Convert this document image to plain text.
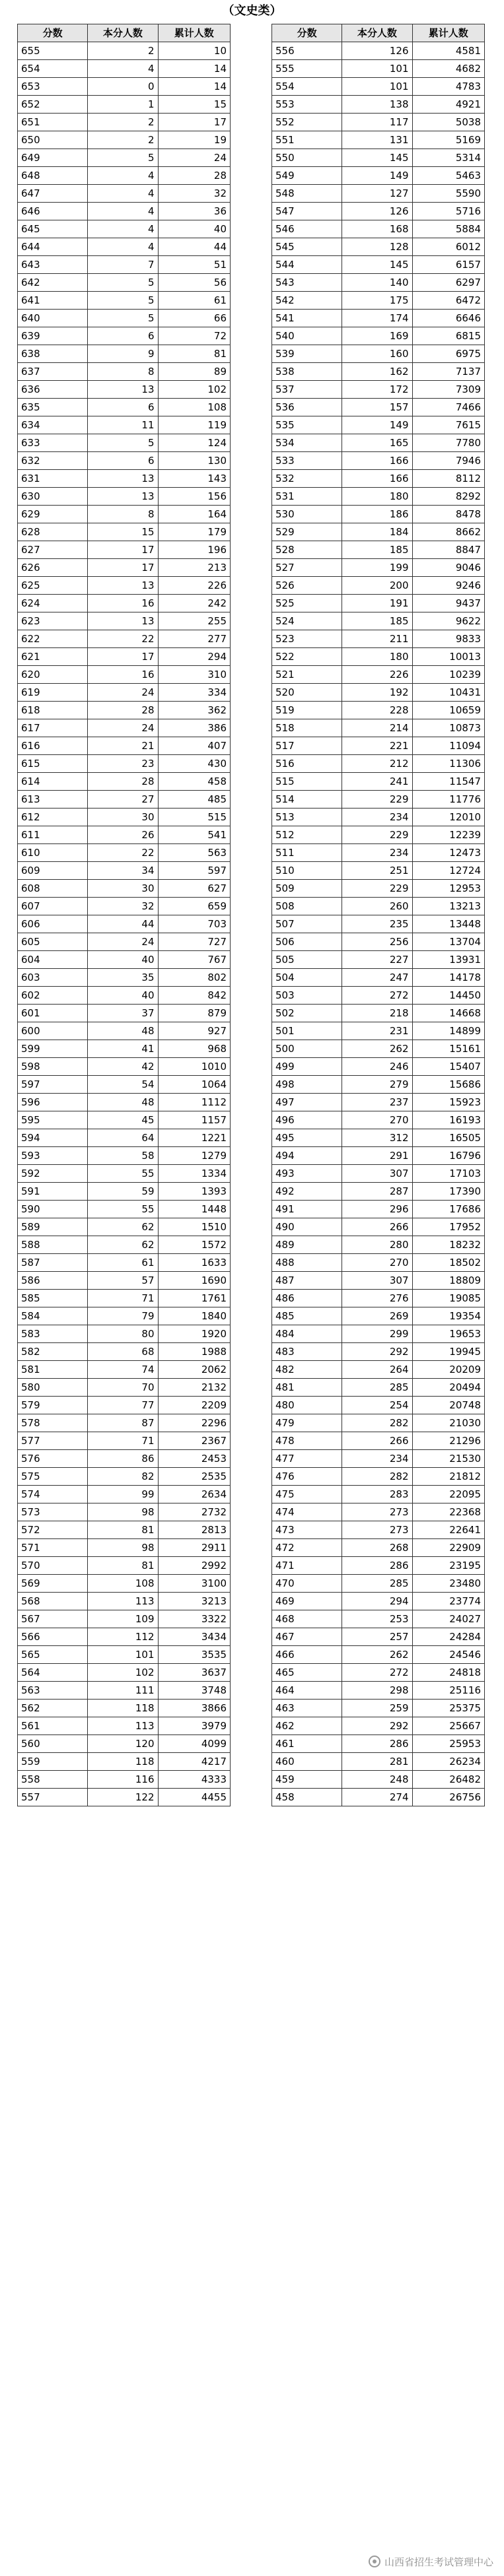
（文史类）
分数	本分人数	累计人数
655	2	10
654	4	14
653	0	14
652	1	15
651	2	17
650	2	19
649	5	24
648	4	28
647	4	32
646	4	36
645	4	40
644	4	44
643	7	51
642	5	56
641	5	61
640	5	66
639	6	72
638	9	81
637	8	89
636	13	102
635	6	108
634	11	119
633	5	124
632	6	130
631	13	143
630	13	156
629	8	164
628	15	179
627	17	196
626	17	213
625	13	226
624	16	242
623	13	255
622	22	277
621	17	294
620	16	310
619	24	334
618	28	362
617	24	386
616	21	407
615	23	430
614	28	458
613	27	485
612	30	515
611	26	541
610	22	563
609	34	597
608	30	627
607	32	659
606	44	703
605	24	727
604	40	767
603	35	802
602	40	842
601	37	879
600	48	927
599	41	968
598	42	1010
597	54	1064
596	48	1112
595	45	1157
594	64	1221
593	58	1279
592	55	1334
591	59	1393
590	55	1448
589	62	1510
588	62	1572
587	61	1633
586	57	1690
585	71	1761
584	79	1840
583	80	1920
582	68	1988
581	74	2062
580	70	2132
579	77	2209
578	87	2296
577	71	2367
576	86	2453
575	82	2535
574	99	2634
573	98	2732
572	81	2813
571	98	2911
570	81	2992
569	108	3100
568	113	3213
567	109	3322
566	112	3434
565	101	3535
564	102	3637
563	111	3748
562	118	3866
561	113	3979
560	120	4099
559	118	4217
558	116	4333
557	122	4455
分数	本分人数	累计人数
556	126	4581
555	101	4682
554	101	4783
553	138	4921
552	117	5038
551	131	5169
550	145	5314
549	149	5463
548	127	5590
547	126	5716
546	168	5884
545	128	6012
544	145	6157
543	140	6297
542	175	6472
541	174	6646
540	169	6815
539	160	6975
538	162	7137
537	172	7309
536	157	7466
535	149	7615
534	165	7780
533	166	7946
532	166	8112
531	180	8292
530	186	8478
529	184	8662
528	185	8847
527	199	9046
526	200	9246
525	191	9437
524	185	9622
523	211	9833
522	180	10013
521	226	10239
520	192	10431
519	228	10659
518	214	10873
517	221	11094
516	212	11306
515	241	11547
514	229	11776
513	234	12010
512	229	12239
511	234	12473
510	251	12724
509	229	12953
508	260	13213
507	235	13448
506	256	13704
505	227	13931
504	247	14178
503	272	14450
502	218	14668
501	231	14899
500	262	15161
499	246	15407
498	279	15686
497	237	15923
496	270	16193
495	312	16505
494	291	16796
493	307	17103
492	287	17390
491	296	17686
490	266	17952
489	280	18232
488	270	18502
487	307	18809
486	276	19085
485	269	19354
484	299	19653
483	292	19945
482	264	20209
481	285	20494
480	254	20748
479	282	21030
478	266	21296
477	234	21530
476	282	21812
475	283	22095
474	273	22368
473	273	22641
472	268	22909
471	286	23195
470	285	23480
469	294	23774
468	253	24027
467	257	24284
466	262	24546
465	272	24818
464	298	25116
463	259	25375
462	292	25667
461	286	25953
460	281	26234
459	248	26482
458	274	26756
山西省招生考试管理中心
